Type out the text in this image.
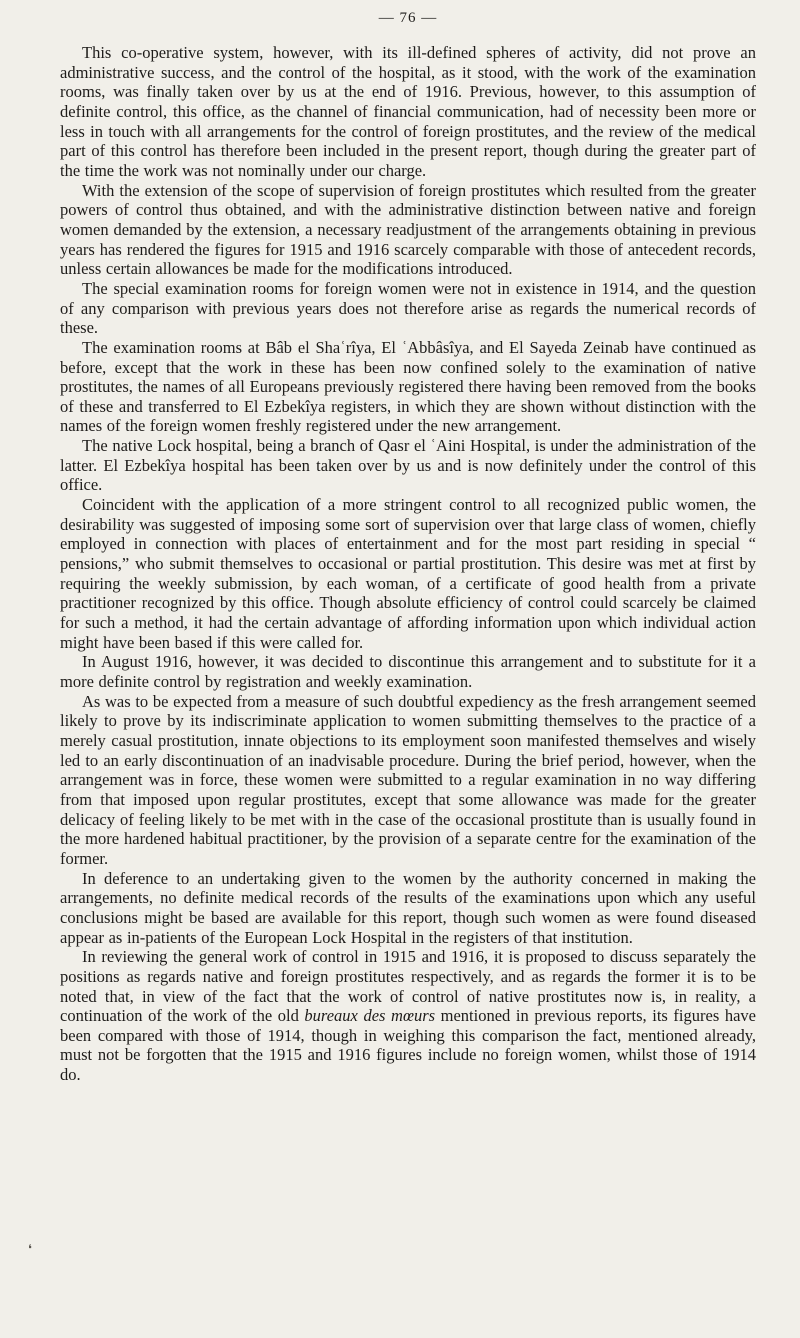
— 76 —

This co-operative system, however, with its ill-defined spheres of activity, did not prove an administrative success, and the control of the hospital, as it stood, with the work of the examination rooms, was finally taken over by us at the end of 1916. Previous, however, to this assumption of definite control, this office, as the channel of financial communication, had of necessity been more or less in touch with all arrangements for the control of foreign prostitutes, and the review of the medical part of this control has therefore been included in the present report, though during the greater part of the time the work was not nominally under our charge.

With the extension of the scope of supervision of foreign prostitutes which resulted from the greater powers of control thus obtained, and with the administrative distinction between native and foreign women demanded by the extension, a necessary readjustment of the arrangements obtaining in previous years has rendered the figures for 1915 and 1916 scarcely comparable with those of antecedent records, unless certain allowances be made for the modifications introduced.

The special examination rooms for foreign women were not in existence in 1914, and the question of any comparison with previous years does not therefore arise as regards the numerical records of these.

The examination rooms at Bâb el Shaʿrîya, El ʿAbbâsîya, and El Sayeda Zeinab have continued as before, except that the work in these has been now confined solely to the examination of native prostitutes, the names of all Europeans previously registered there having been removed from the books of these and transferred to El Ezbekîya registers, in which they are shown without distinction with the names of the foreign women freshly registered under the new arrangement.

The native Lock hospital, being a branch of Qasr el ʿAini Hospital, is under the administration of the latter. El Ezbekîya hospital has been taken over by us and is now definitely under the control of this office.

Coincident with the application of a more stringent control to all recognized public women, the desirability was suggested of imposing some sort of supervision over that large class of women, chiefly employed in connection with places of entertainment and for the most part residing in special “ pensions,” who submit themselves to occasional or partial prostitution. This desire was met at first by requiring the weekly submission, by each woman, of a certificate of good health from a private practitioner recognized by this office. Though absolute efficiency of control could scarcely be claimed for such a method, it had the certain advantage of affording information upon which individual action might have been based if this were called for.

In August 1916, however, it was decided to discontinue this arrangement and to substitute for it a more definite control by registration and weekly examination.

As was to be expected from a measure of such doubtful expediency as the fresh arrangement seemed likely to prove by its indiscriminate application to women submitting themselves to the practice of a merely casual prostitution, innate objections to its employment soon manifested themselves and wisely led to an early discontinuation of an inadvisable procedure. During the brief period, however, when the arrangement was in force, these women were submitted to a regular examination in no way differing from that imposed upon regular prostitutes, except that some allowance was made for the greater delicacy of feeling likely to be met with in the case of the occasional prostitute than is usually found in the more hardened habitual practitioner, by the provision of a separate centre for the examination of the former.

In deference to an undertaking given to the women by the authority concerned in making the arrangements, no definite medical records of the results of the examinations upon which any useful conclusions might be based are available for this report, though such women as were found diseased appear as in-patients of the European Lock Hospital in the registers of that institution.

In reviewing the general work of control in 1915 and 1916, it is proposed to discuss separately the positions as regards native and foreign prostitutes respectively, and as regards the former it is to be noted that, in view of the fact that the work of control of native prostitutes now is, in reality, a continuation of the work of the old bureaux des mœurs mentioned in previous reports, its figures have been compared with those of 1914, though in weighing this comparison the fact, mentioned already, must not be forgotten that the 1915 and 1916 figures include no foreign women, whilst those of 1914 do.

❛
